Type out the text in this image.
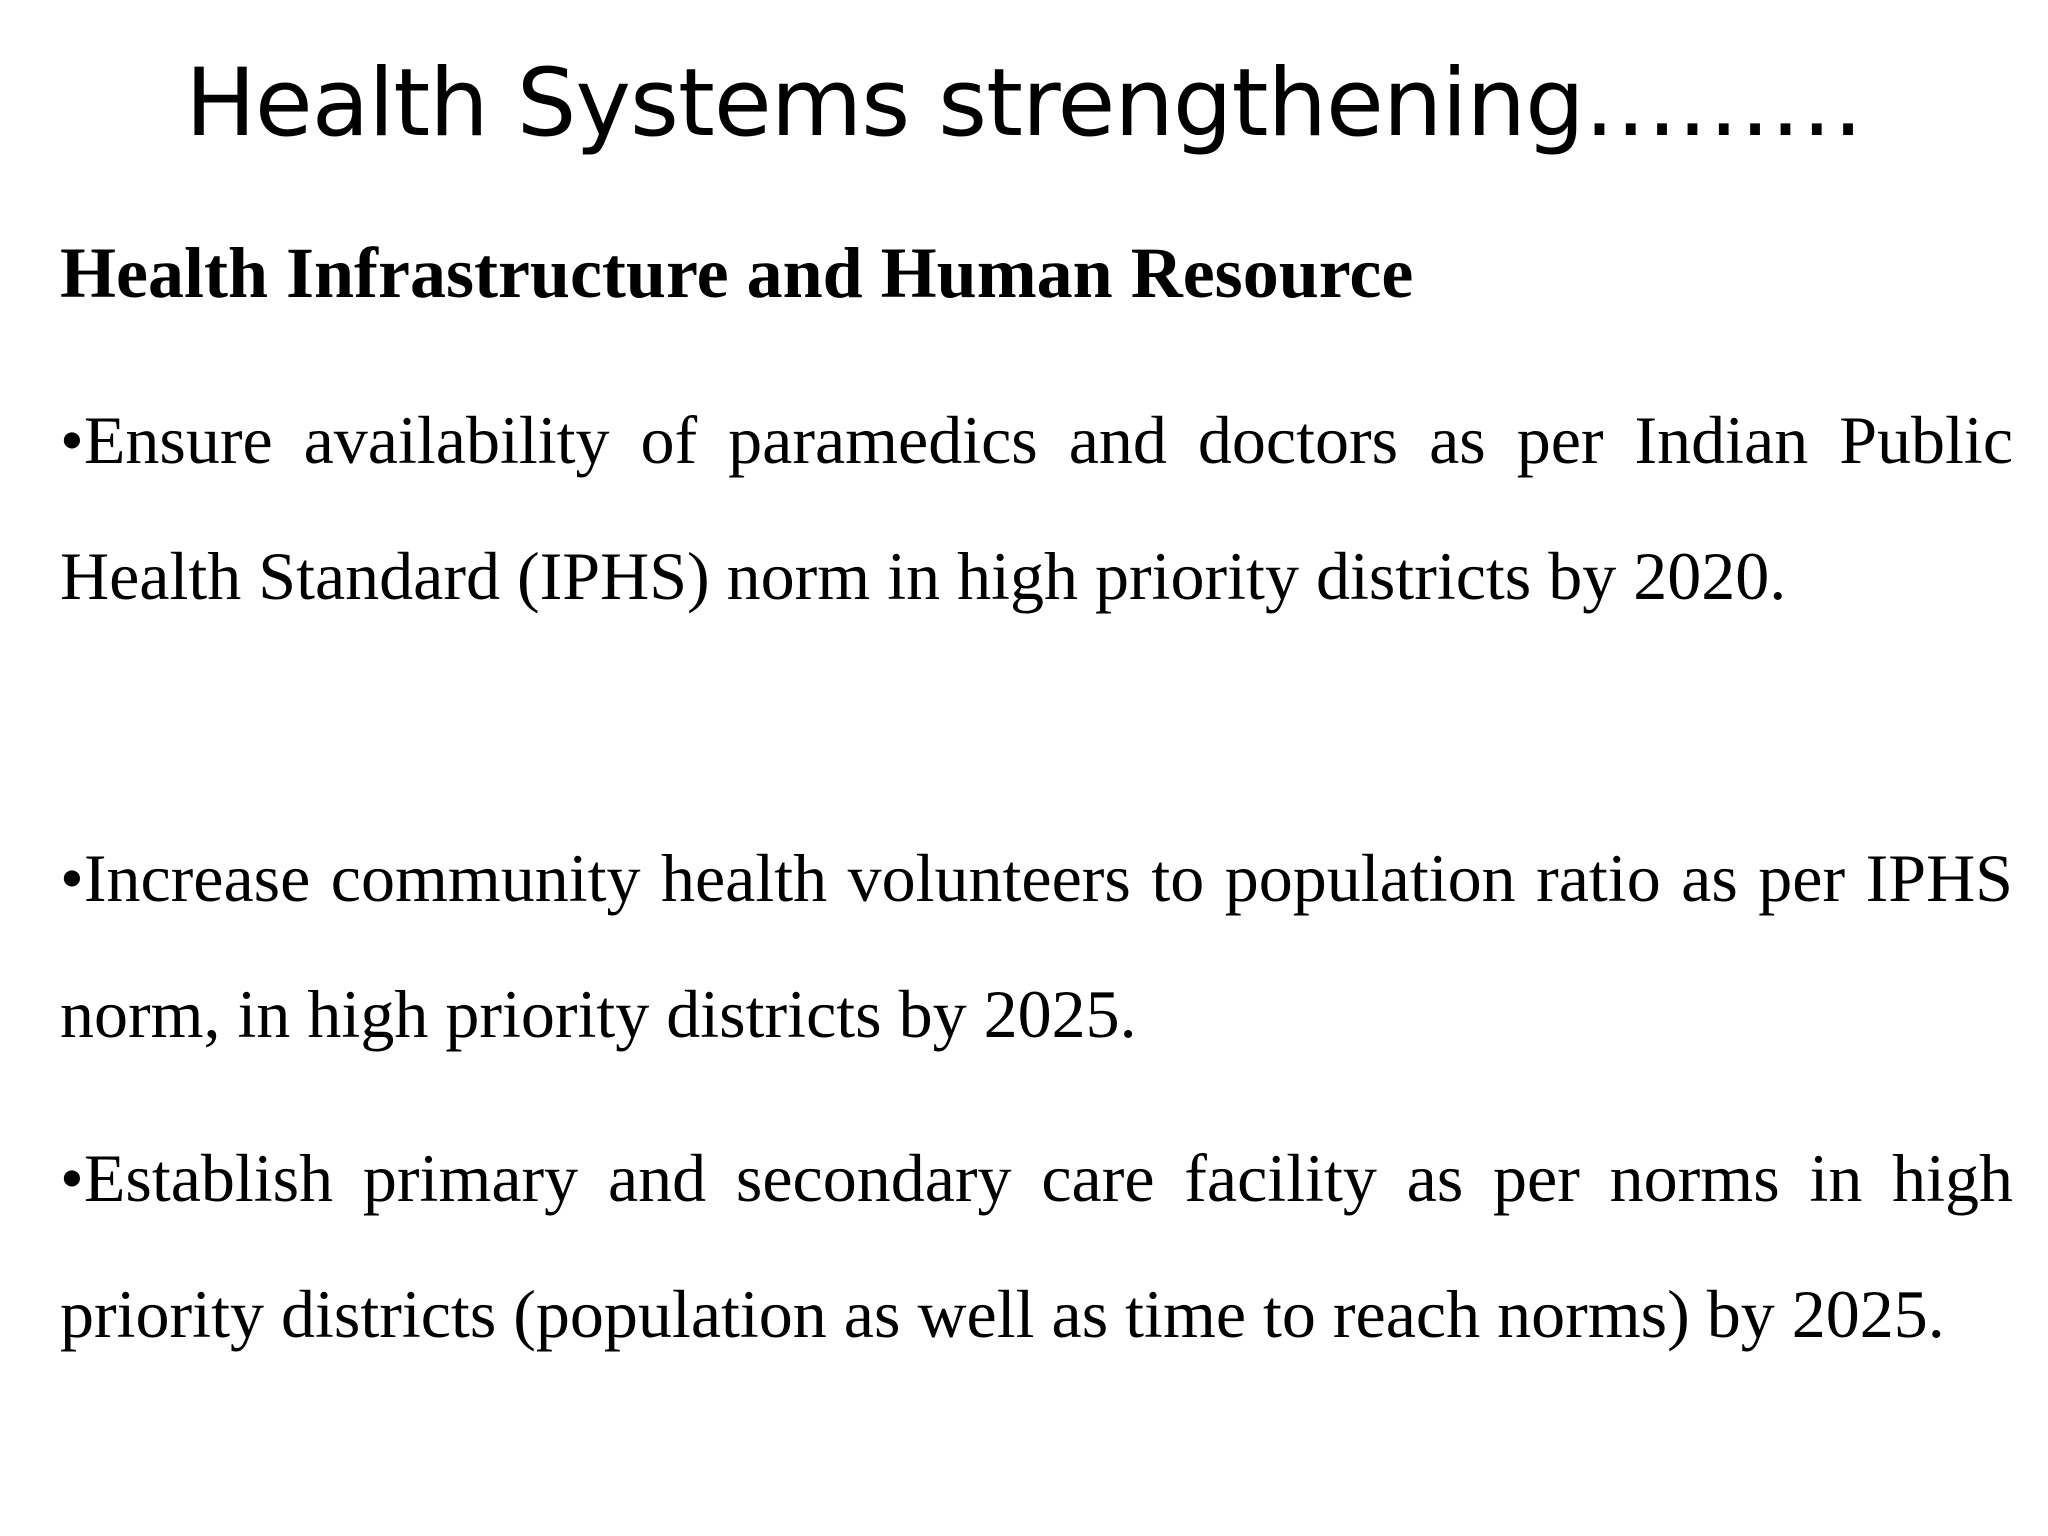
Health Systems strengthening………
Health Infrastructure and Human Resource
•Ensure availability of paramedics and doctors as per Indian Public Health Standard (IPHS) norm in high priority districts by 2020.
•Increase community health volunteers to population ratio as per IPHS norm, in high priority districts by 2025.
•Establish primary and secondary care facility as per norms in high priority districts (population as well as time to reach norms) by 2025.
